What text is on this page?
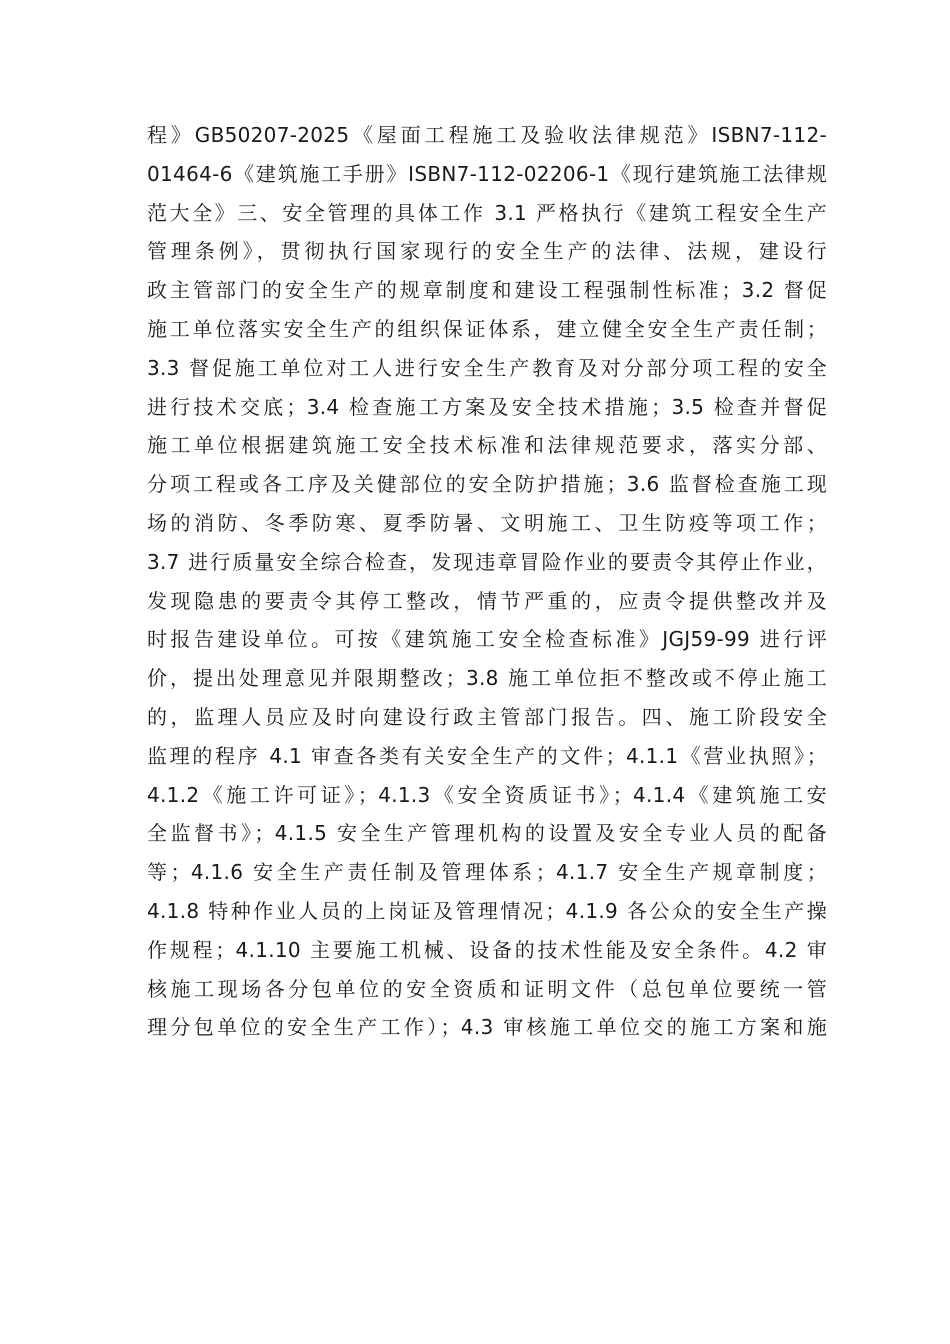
程》GB50207-2025《屋面工程施工及验收法律规范》ISBN7-112-
01464-6《建筑施工手册》ISBN7-112-02206-1《现行建筑施工法律规
范大全》三、安全管理的具体工作 3.1 严格执行《建筑工程安全生产
管理条例》，贯彻执行国家现行的安全生产的法律、法规，建设行
政主管部门的安全生产的规章制度和建设工程强制性标准；3.2 督促
施工单位落实安全生产的组织保证体系，建立健全安全生产责任制；
3.3 督促施工单位对工人进行安全生产教育及对分部分项工程的安全
进行技术交底；3.4 检查施工方案及安全技术措施；3.5 检查并督促
施工单位根据建筑施工安全技术标准和法律规范要求，落实分部、
分项工程或各工序及关健部位的安全防护措施；3.6 监督检查施工现
场的消防、冬季防寒、夏季防暑、文明施工、卫生防疫等项工作；
3.7 进行质量安全综合检查，发现违章冒险作业的要责令其停止作业，
发现隐患的要责令其停工整改，情节严重的，应责令提供整改并及
时报告建设单位。可按《建筑施工安全检查标准》JGJ59-99 进行评
价，提出处理意见并限期整改；3.8 施工单位拒不整改或不停止施工
的，监理人员应及时向建设行政主管部门报告。四、施工阶段安全
监理的程序 4.1 审查各类有关安全生产的文件；4.1.1《营业执照》；
4.1.2《施工许可证》；4.1.3《安全资质证书》；4.1.4《建筑施工安
全监督书》；4.1.5 安全生产管理机构的设置及安全专业人员的配备
等；4.1.6 安全生产责任制及管理体系；4.1.7 安全生产规章制度；
4.1.8 特种作业人员的上岗证及管理情况；4.1.9 各公众的安全生产操
作规程；4.1.10 主要施工机械、设备的技术性能及安全条件。4.2 审
核施工现场各分包单位的安全资质和证明文件（总包单位要统一管
理分包单位的安全生产工作）；4.3 审核施工单位交的施工方案和施
